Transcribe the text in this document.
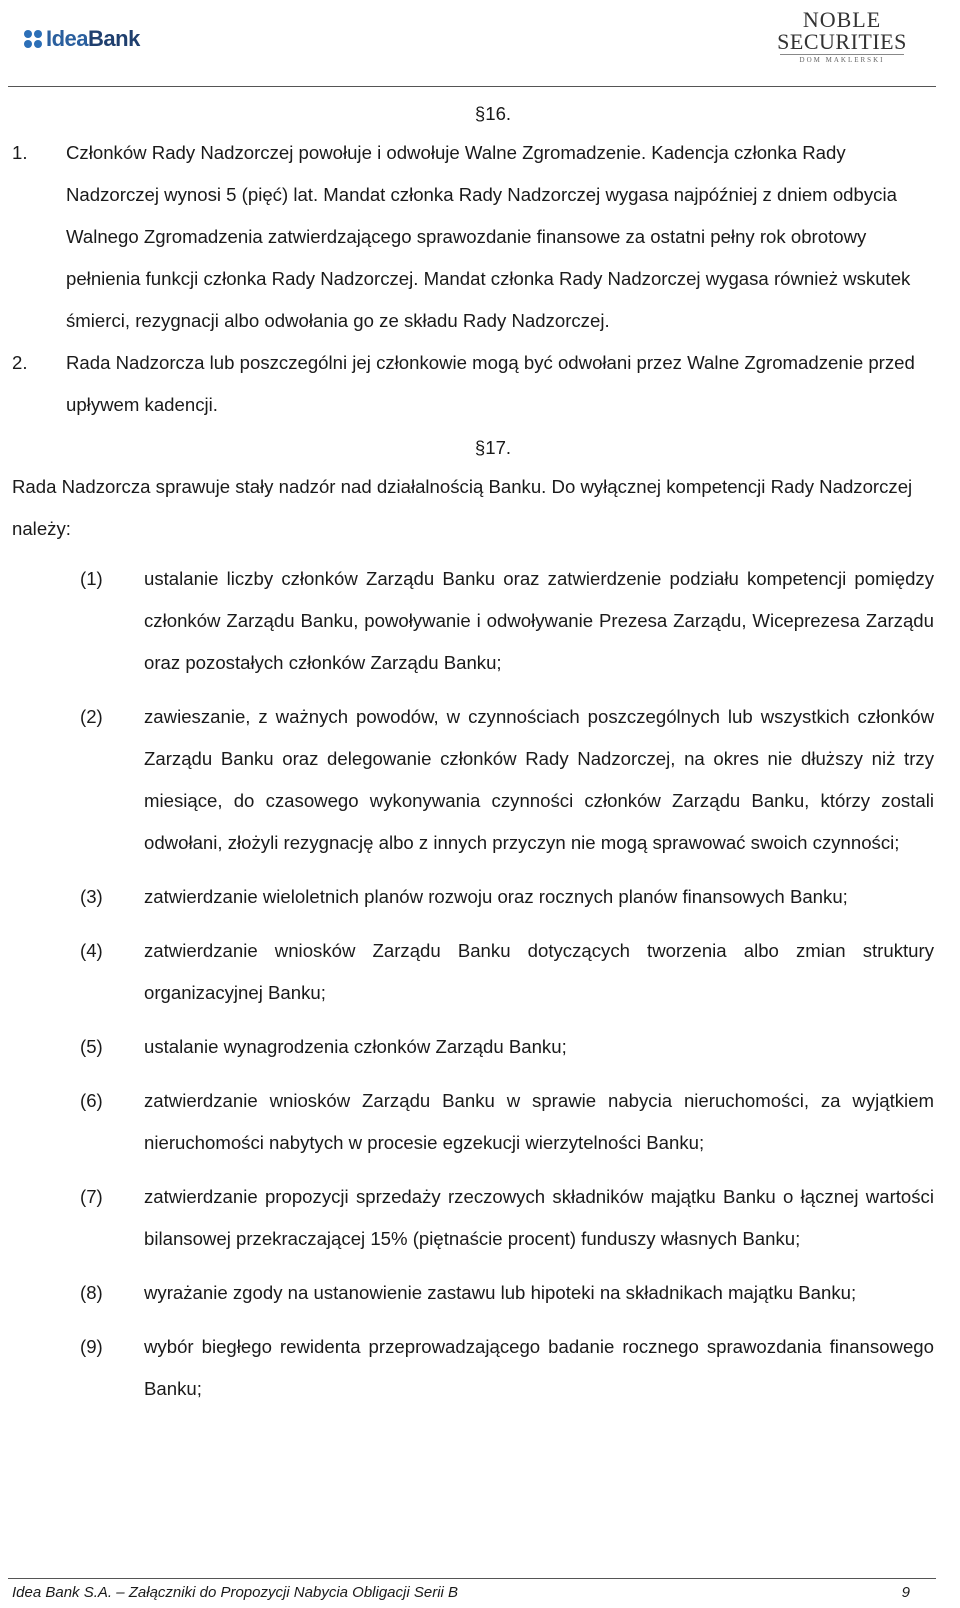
IdeaBank
NOBLE
SECURITIES
DOM MAKLERSKI
§16.
1.	Członków Rady Nadzorczej powołuje i odwołuje Walne Zgromadzenie. Kadencja członka Rady Nadzorczej wynosi 5 (pięć) lat. Mandat członka Rady Nadzorczej wygasa najpóźniej z dniem odbycia Walnego Zgromadzenia zatwierdzającego sprawozdanie finansowe za ostatni pełny rok obrotowy pełnienia funkcji członka Rady Nadzorczej. Mandat członka Rady Nadzorczej wygasa również wskutek śmierci, rezygnacji albo odwołania go ze składu Rady Nadzorczej.
2.	Rada Nadzorcza lub poszczególni jej członkowie mogą być odwołani przez Walne Zgromadzenie przed upływem kadencji.
§17.
Rada Nadzorcza sprawuje stały nadzór nad działalnością Banku. Do wyłącznej kompetencji Rady Nadzorczej należy:
(1)	ustalanie liczby członków Zarządu Banku oraz zatwierdzenie podziału kompetencji pomiędzy członków Zarządu Banku, powoływanie i odwoływanie Prezesa Zarządu, Wiceprezesa Zarządu oraz pozostałych członków Zarządu Banku;
(2)	zawieszanie, z ważnych powodów, w czynnościach poszczególnych lub wszystkich członków Zarządu Banku oraz delegowanie członków Rady Nadzorczej, na okres nie dłuższy niż trzy miesiące, do czasowego wykonywania czynności członków Zarządu Banku, którzy zostali odwołani, złożyli rezygnację albo z innych przyczyn nie mogą sprawować swoich czynności;
(3)	zatwierdzanie wieloletnich planów rozwoju oraz rocznych planów finansowych Banku;
(4)	zatwierdzanie wniosków Zarządu Banku dotyczących tworzenia albo zmian struktury organizacyjnej Banku;
(5)	ustalanie wynagrodzenia członków Zarządu Banku;
(6)	zatwierdzanie wniosków Zarządu Banku w sprawie nabycia nieruchomości, za wyjątkiem nieruchomości nabytych w procesie egzekucji wierzytelności Banku;
(7)	zatwierdzanie propozycji sprzedaży rzeczowych składników majątku Banku o łącznej wartości bilansowej przekraczającej 15% (piętnaście procent) funduszy własnych Banku;
(8)	wyrażanie zgody na ustanowienie zastawu lub hipoteki na składnikach majątku Banku;
(9)	wybór biegłego rewidenta przeprowadzającego badanie rocznego sprawozdania finansowego Banku;
Idea Bank S.A. – Załączniki do Propozycji Nabycia Obligacji Serii B	9
